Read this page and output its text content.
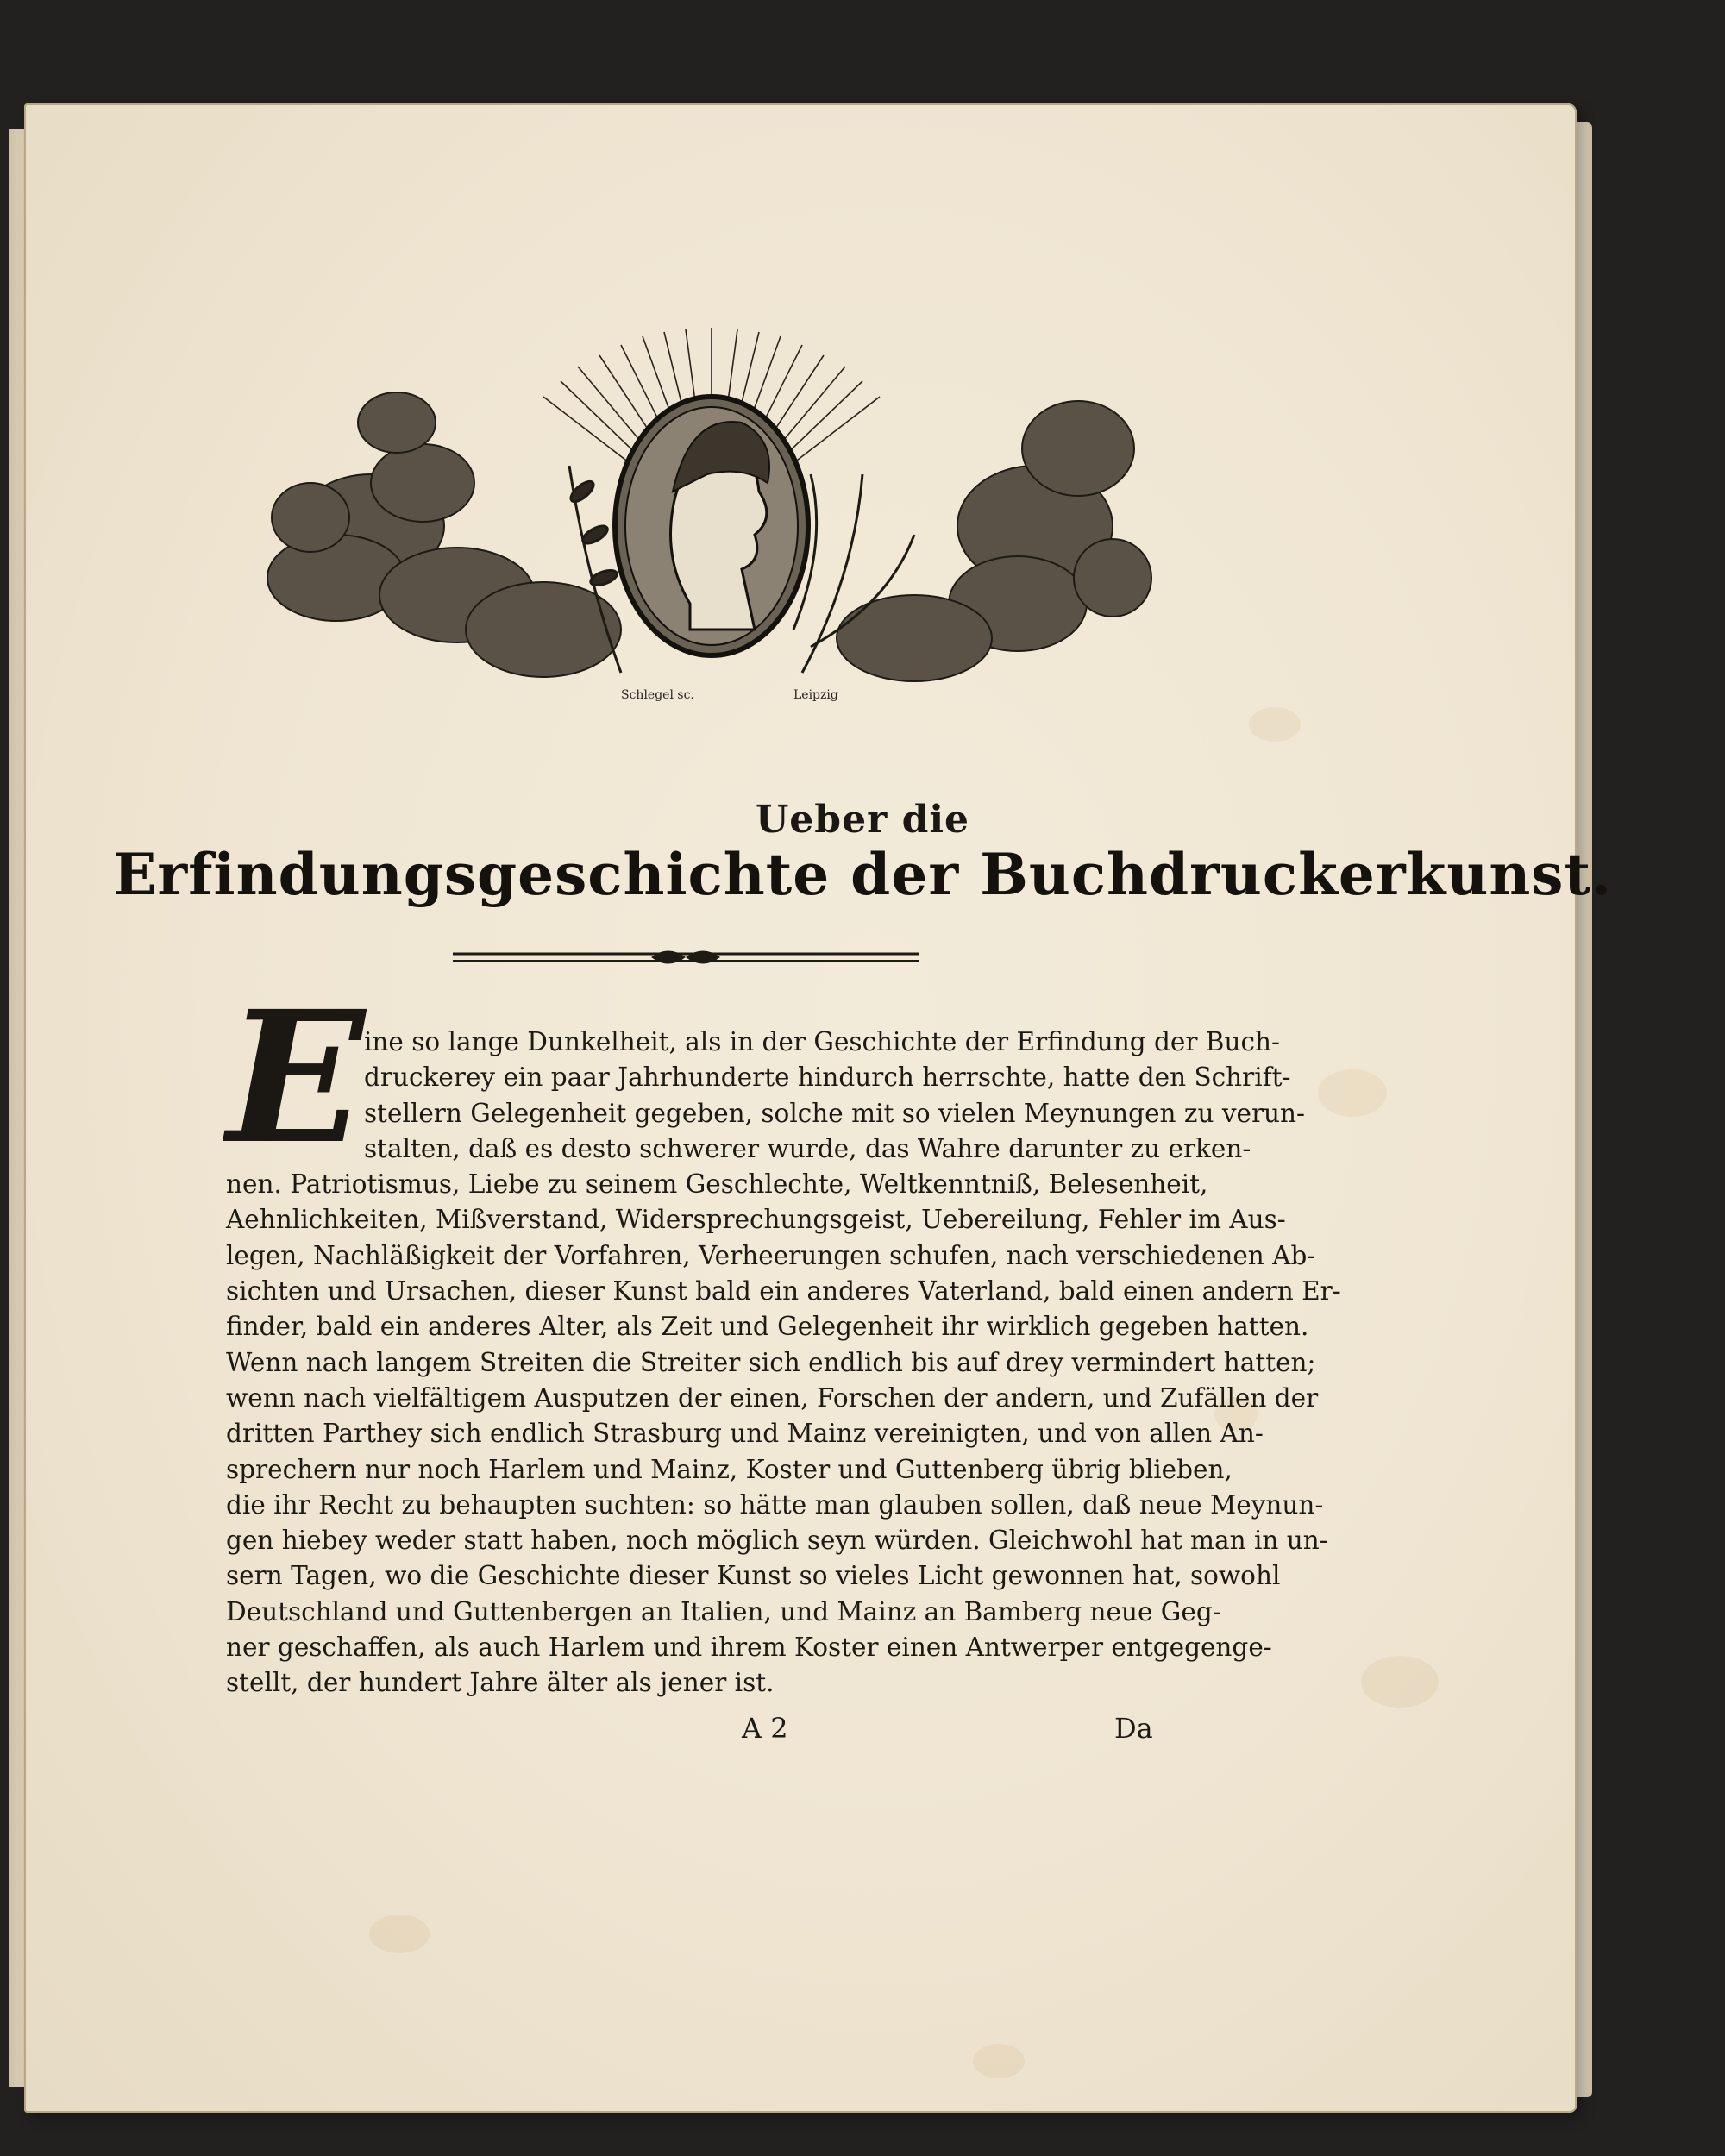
Schlegel sc.	Leipzig
Ueber die
Erfindungsgeschichte der Buchdruckerkunst.
E
ine so lange Dunkelheit, als in der Geschichte der Erfindung der Buch-
druckerey ein paar Jahrhunderte hindurch herrschte, hatte den Schrift-
stellern Gelegenheit gegeben, solche mit so vielen Meynungen zu verun-
stalten, daß es desto schwerer wurde, das Wahre darunter zu erken-
nen. Patriotismus, Liebe zu seinem Geschlechte, Weltkenntniß, Belesenheit,
Aehnlichkeiten, Mißverstand, Widersprechungsgeist, Uebereilung, Fehler im Aus-
legen, Nachläßigkeit der Vorfahren, Verheerungen schufen, nach verschiedenen Ab-
sichten und Ursachen, dieser Kunst bald ein anderes Vaterland, bald einen andern Er-
finder, bald ein anderes Alter, als Zeit und Gelegenheit ihr wirklich gegeben hatten.
Wenn nach langem Streiten die Streiter sich endlich bis auf drey vermindert hatten;
wenn nach vielfältigem Ausputzen der einen, Forschen der andern, und Zufällen der
dritten Parthey sich endlich Strasburg und Mainz vereinigten, und von allen An-
sprechern nur noch Harlem und Mainz, Koster und Guttenberg übrig blieben,
die ihr Recht zu behaupten suchten: so hätte man glauben sollen, daß neue Meynun-
gen hiebey weder statt haben, noch möglich seyn würden. Gleichwohl hat man in un-
sern Tagen, wo die Geschichte dieser Kunst so vieles Licht gewonnen hat, sowohl
Deutschland und Guttenbergen an Italien, und Mainz an Bamberg neue Geg-
ner geschaffen, als auch Harlem und ihrem Koster einen Antwerper entgegenge-
stellt, der hundert Jahre älter als jener ist.
A 2	Da
